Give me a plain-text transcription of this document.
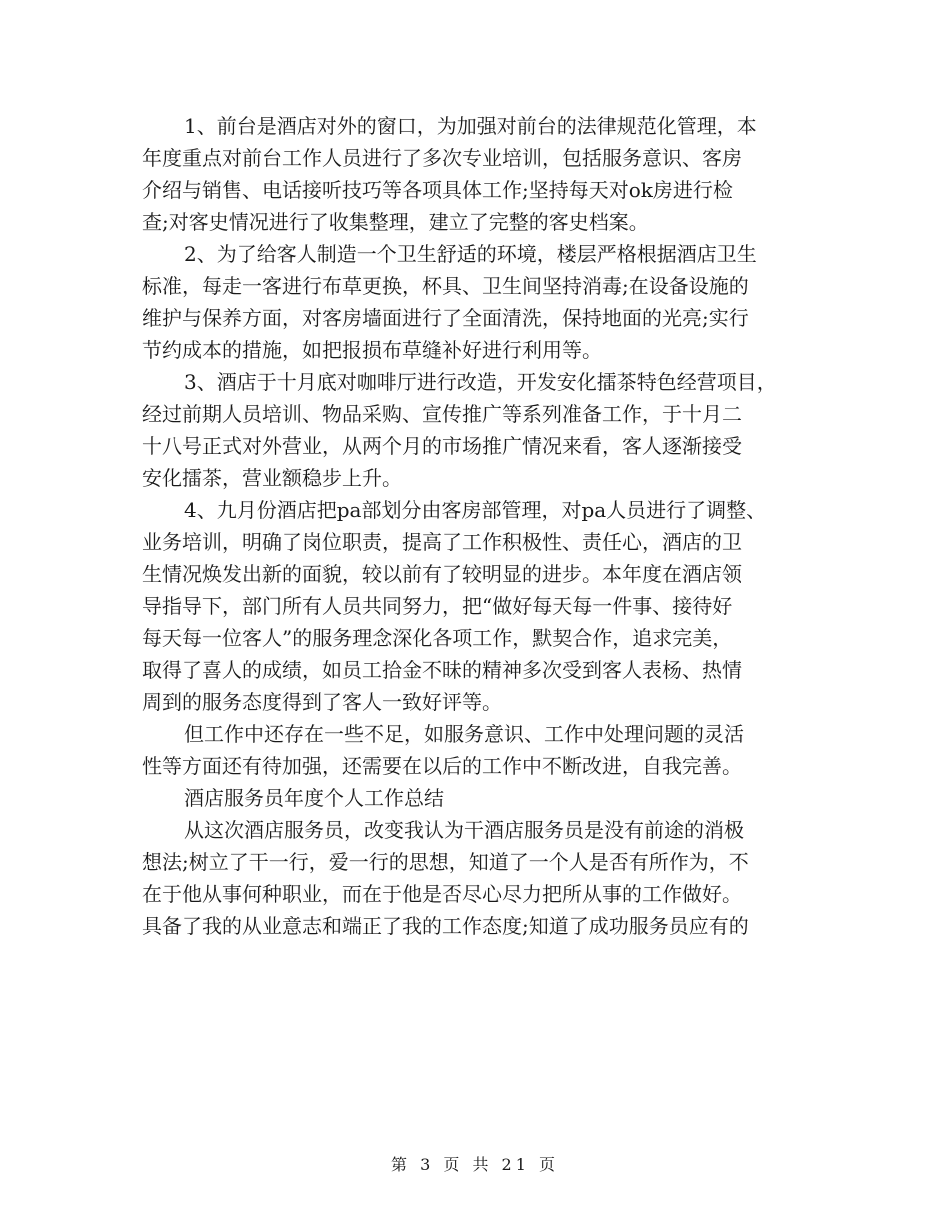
1、前台是酒店对外的窗口，为加强对前台的法律规范化管理，本
年度重点对前台工作人员进行了多次专业培训，包括服务意识、客房
介绍与销售、电话接听技巧等各项具体工作;坚持每天对ok房进行检
查;对客史情况进行了收集整理，建立了完整的客史档案。

2、为了给客人制造一个卫生舒适的环境，楼层严格根据酒店卫生
标准，每走一客进行布草更换，杯具、卫生间坚持消毒;在设备设施的
维护与保养方面，对客房墙面进行了全面清洗，保持地面的光亮;实行
节约成本的措施，如把报损布草缝补好进行利用等。

3、酒店于十月底对咖啡厅进行改造，开发安化擂茶特色经营项目，
经过前期人员培训、物品采购、宣传推广等系列准备工作，于十月二
十八号正式对外营业，从两个月的市场推广情况来看，客人逐渐接受
安化擂茶，营业额稳步上升。

4、九月份酒店把pa部划分由客房部管理，对pa人员进行了调整、
业务培训，明确了岗位职责，提高了工作积极性、责任心，酒店的卫
生情况焕发出新的面貌，较以前有了较明显的进步。本年度在酒店领
导指导下，部门所有人员共同努力，把“做好每天每一件事、接待好
每天每一位客人”的服务理念深化各项工作，默契合作，追求完美，
取得了喜人的成绩，如员工拾金不昧的精神多次受到客人表杨、热情
周到的服务态度得到了客人一致好评等。

但工作中还存在一些不足，如服务意识、工作中处理问题的灵活
性等方面还有待加强，还需要在以后的工作中不断改进，自我完善。

酒店服务员年度个人工作总结

从这次酒店服务员，改变我认为干酒店服务员是没有前途的消极
想法;树立了干一行，爱一行的思想，知道了一个人是否有所作为，不
在于他从事何种职业，而在于他是否尽心尽力把所从事的工作做好。
具备了我的从业意志和端正了我的工作态度;知道了成功服务员应有的

第 3 页 共 21 页
